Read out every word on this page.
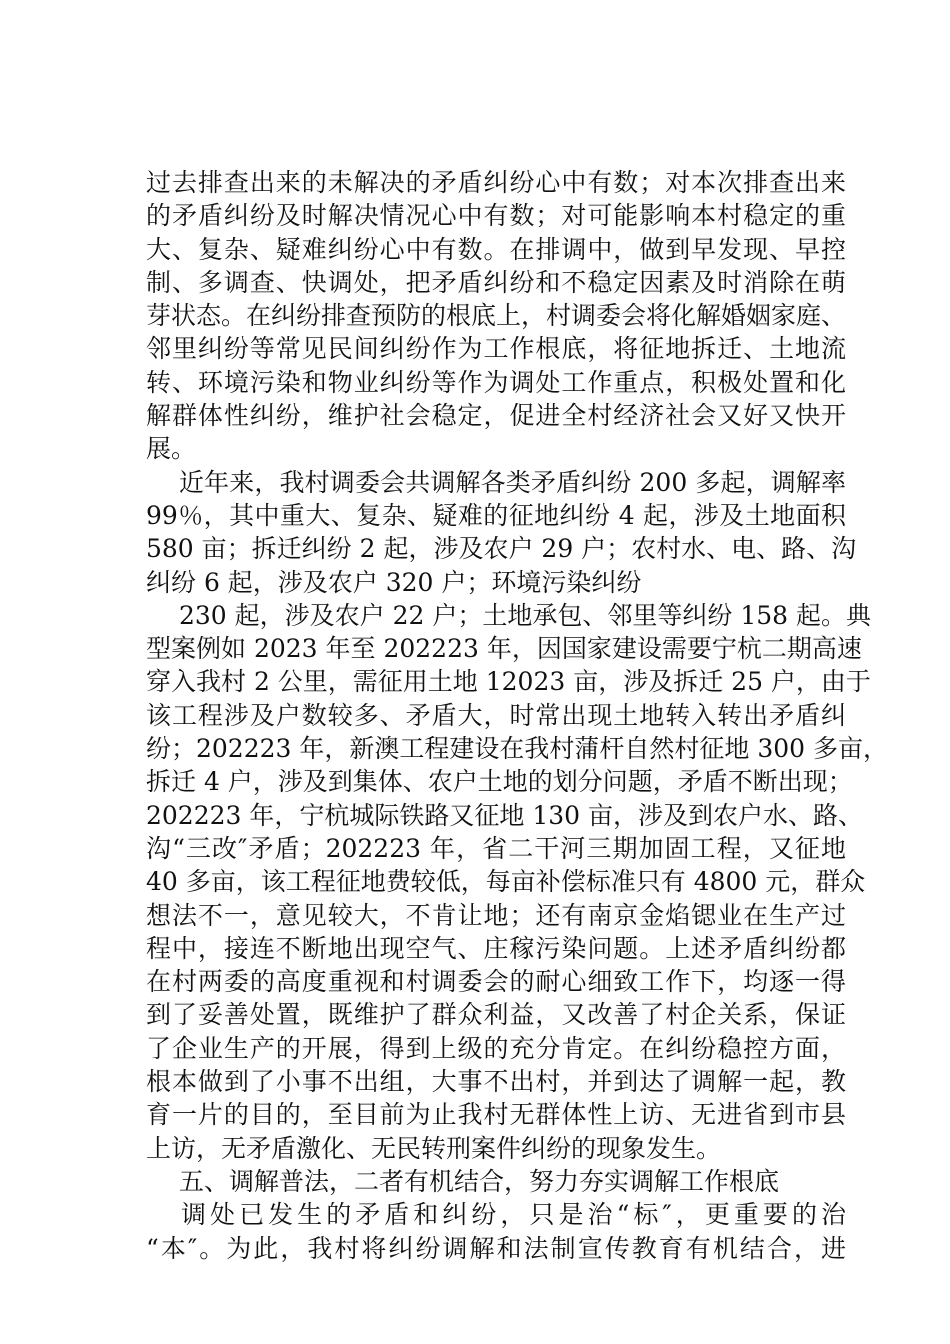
过去排查出来的未解决的矛盾纠纷心中有数；对本次排查出来
的矛盾纠纷及时解决情况心中有数；对可能影响本村稳定的重
大、复杂、疑难纠纷心中有数。在排调中，做到早发现、早控
制、多调查、快调处，把矛盾纠纷和不稳定因素及时消除在萌
芽状态。在纠纷排查预防的根底上，村调委会将化解婚姻家庭、
邻里纠纷等常见民间纠纷作为工作根底，将征地拆迁、土地流
转、环境污染和物业纠纷等作为调处工作重点，积极处置和化
解群体性纠纷，维护社会稳定，促进全村经济社会又好又快开
展。
近年来，我村调委会共调解各类矛盾纠纷 200 多起，调解率
99％，其中重大、复杂、疑难的征地纠纷 4 起，涉及土地面积
580 亩；拆迁纠纷 2 起，涉及农户 29 户；农村水、电、路、沟
纠纷 6 起，涉及农户 320 户；环境污染纠纷
230 起，涉及农户 22 户；土地承包、邻里等纠纷 158 起。典
型案例如 2023 年至 202223 年，因国家建设需要宁杭二期高速
穿入我村 2 公里，需征用土地 12023 亩，涉及拆迁 25 户，由于
该工程涉及户数较多、矛盾大，时常出现土地转入转出矛盾纠
纷；202223 年，新澳工程建设在我村蒲杆自然村征地 300 多亩，
拆迁 4 户，涉及到集体、农户土地的划分问题，矛盾不断出现；
202223 年，宁杭城际铁路又征地 130 亩，涉及到农户水、路、
沟“三改″矛盾；202223 年，省二干河三期加固工程，又征地
40 多亩，该工程征地费较低，每亩补偿标准只有 4800 元，群众
想法不一，意见较大，不肯让地；还有南京金焰锶业在生产过
程中，接连不断地出现空气、庄稼污染问题。上述矛盾纠纷都
在村两委的高度重视和村调委会的耐心细致工作下，均逐一得
到了妥善处置，既维护了群众利益，又改善了村企关系，保证
了企业生产的开展，得到上级的充分肯定。在纠纷稳控方面，
根本做到了小事不出组，大事不出村，并到达了调解一起，教
育一片的目的，至目前为止我村无群体性上访、无进省到市县
上访，无矛盾激化、无民转刑案件纠纷的现象发生。
五、调解普法，二者有机结合，努力夯实调解工作根底
调处已发生的矛盾和纠纷，只是治“标″，更重要的治
“本″。为此，我村将纠纷调解和法制宣传教育有机结合，进
